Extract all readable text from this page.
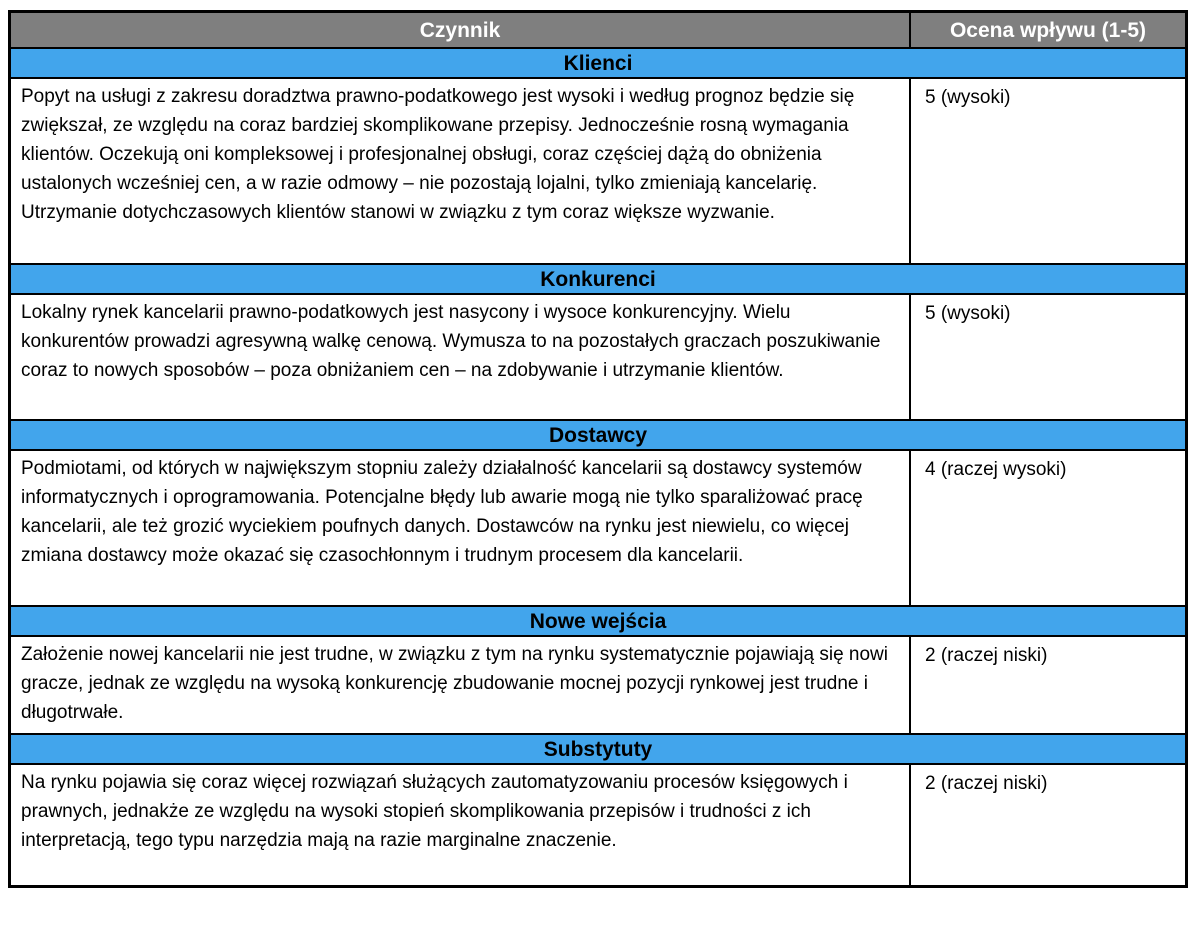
Czynnik	Ocena wpływu (1-5)
Klienci
Popyt na usługi z zakresu doradztwa prawno-podatkowego jest wysoki i według prognoz będzie się zwiększał, ze względu na coraz bardziej skomplikowane przepisy. Jednocześnie rosną wymagania klientów. Oczekują oni kompleksowej i profesjonalnej obsługi, coraz częściej dążą do obniżenia ustalonych wcześniej cen, a w razie odmowy – nie pozostają lojalni, tylko zmieniają kancelarię. Utrzymanie dotychczasowych klientów stanowi w związku z tym coraz większe wyzwanie.
5 (wysoki)
Konkurenci
Lokalny rynek kancelarii prawno-podatkowych jest nasycony i wysoce konkurencyjny. Wielu konkurentów prowadzi agresywną walkę cenową. Wymusza to na pozostałych graczach poszukiwanie coraz to nowych sposobów – poza obniżaniem cen – na zdobywanie i utrzymanie klientów.
5 (wysoki)
Dostawcy
Podmiotami, od których w największym stopniu zależy działalność kancelarii są dostawcy systemów informatycznych i oprogramowania. Potencjalne błędy lub awarie mogą nie tylko sparaliżować pracę kancelarii, ale też grozić wyciekiem poufnych danych. Dostawców na rynku jest niewielu, co więcej zmiana dostawcy może okazać się czasochłonnym i trudnym procesem dla kancelarii.
4 (raczej wysoki)
Nowe wejścia
Założenie nowej kancelarii nie jest trudne, w związku z tym na rynku systematycznie pojawiają się nowi gracze, jednak ze względu na wysoką konkurencję zbudowanie mocnej pozycji rynkowej jest trudne i długotrwałe.
2 (raczej niski)
Substytuty
Na rynku pojawia się coraz więcej rozwiązań służących zautomatyzowaniu procesów księgowych i prawnych, jednakże ze względu na wysoki stopień skomplikowania przepisów i trudności z ich interpretacją, tego typu narzędzia mają na razie marginalne znaczenie.
2 (raczej niski)
